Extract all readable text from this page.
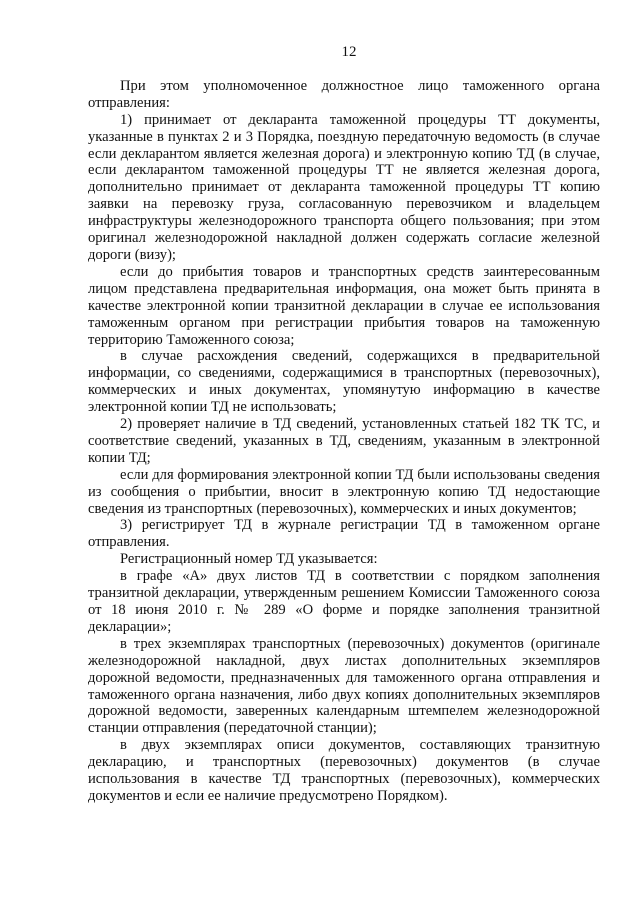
12

При этом уполномоченное должностное лицо таможенного органа отправления:

1) принимает от декларанта таможенной процедуры ТТ документы, указанные в пунктах 2 и 3 Порядка, поездную передаточную ведомость (в случае если декларантом является железная дорога) и электронную копию ТД (в случае, если декларантом таможенной процедуры ТТ не является железная дорога, дополнительно принимает от декларанта таможенной процедуры ТТ копию заявки на перевозку груза, согласованную перевозчиком и владельцем инфраструктуры железнодорожного транспорта общего пользования; при этом оригинал железнодорожной накладной должен содержать согласие железной дороги (визу);

если до прибытия товаров и транспортных средств заинтересованным лицом представлена предварительная информация, она может быть принята в качестве электронной копии транзитной декларации в случае ее использования таможенным органом при регистрации прибытия товаров на таможенную территорию Таможенного союза;

в случае расхождения сведений, содержащихся в предварительной информации, со сведениями, содержащимися в транспортных (перевозочных), коммерческих и иных документах, упомянутую информацию в качестве электронной копии ТД не использовать;

2) проверяет наличие в ТД сведений, установленных статьей 182 ТК ТС, и соответствие сведений, указанных в ТД, сведениям, указанным в электронной копии ТД;

если для формирования электронной копии ТД были использованы сведения из сообщения о прибытии, вносит в электронную копию ТД недостающие сведения из транспортных (перевозочных), коммерческих и иных документов;

3) регистрирует ТД в журнале регистрации ТД в таможенном органе отправления.

Регистрационный номер ТД указывается:

в графе «А» двух листов ТД в соответствии с порядком заполнения транзитной декларации, утвержденным решением Комиссии Таможенного союза от 18 июня 2010 г. № 289 «О форме и порядке заполнения транзитной декларации»;

в трех экземплярах транспортных (перевозочных) документов (оригинале железнодорожной накладной, двух листах дополнительных экземпляров дорожной ведомости, предназначенных для таможенного органа отправления и таможенного органа назначения, либо двух копиях дополнительных экземпляров дорожной ведомости, заверенных календарным штемпелем железнодорожной станции отправления (передаточной станции);

в двух экземплярах описи документов, составляющих транзитную декларацию, и транспортных (перевозочных) документов (в случае использования в качестве ТД транспортных (перевозочных), коммерческих документов и если ее наличие предусмотрено Порядком).
